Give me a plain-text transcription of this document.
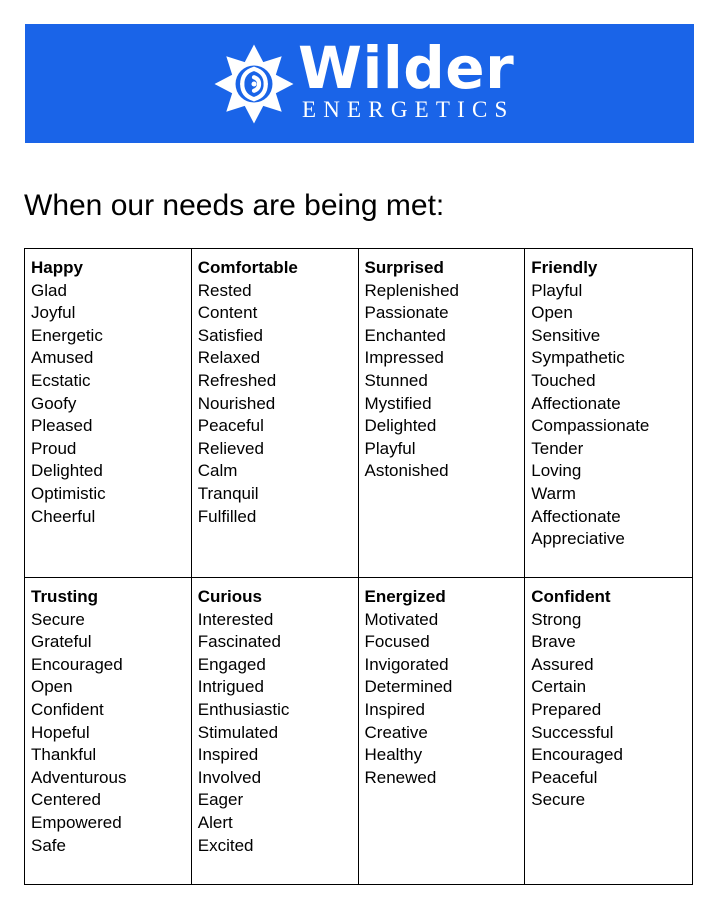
Wilder
ENERGETICS
When our needs are being met:
Happy
Glad
Joyful
Energetic
Amused
Ecstatic
Goofy
Pleased
Proud
Delighted
Optimistic
Cheerful
Comfortable
Rested
Content
Satisfied
Relaxed
Refreshed
Nourished
Peaceful
Relieved
Calm
Tranquil
Fulfilled
Surprised
Replenished
Passionate
Enchanted
Impressed
Stunned
Mystified
Delighted
Playful
Astonished
Friendly
Playful
Open
Sensitive
Sympathetic
Touched
Affectionate
Compassionate
Tender
Loving
Warm
Affectionate
Appreciative
Trusting
Secure
Grateful
Encouraged
Open
Confident
Hopeful
Thankful
Adventurous
Centered
Empowered
Safe
Curious
Interested
Fascinated
Engaged
Intrigued
Enthusiastic
Stimulated
Inspired
Involved
Eager
Alert
Excited
Energized
Motivated
Focused
Invigorated
Determined
Inspired
Creative
Healthy
Renewed
Confident
Strong
Brave
Assured
Certain
Prepared
Successful
Encouraged
Peaceful
Secure
